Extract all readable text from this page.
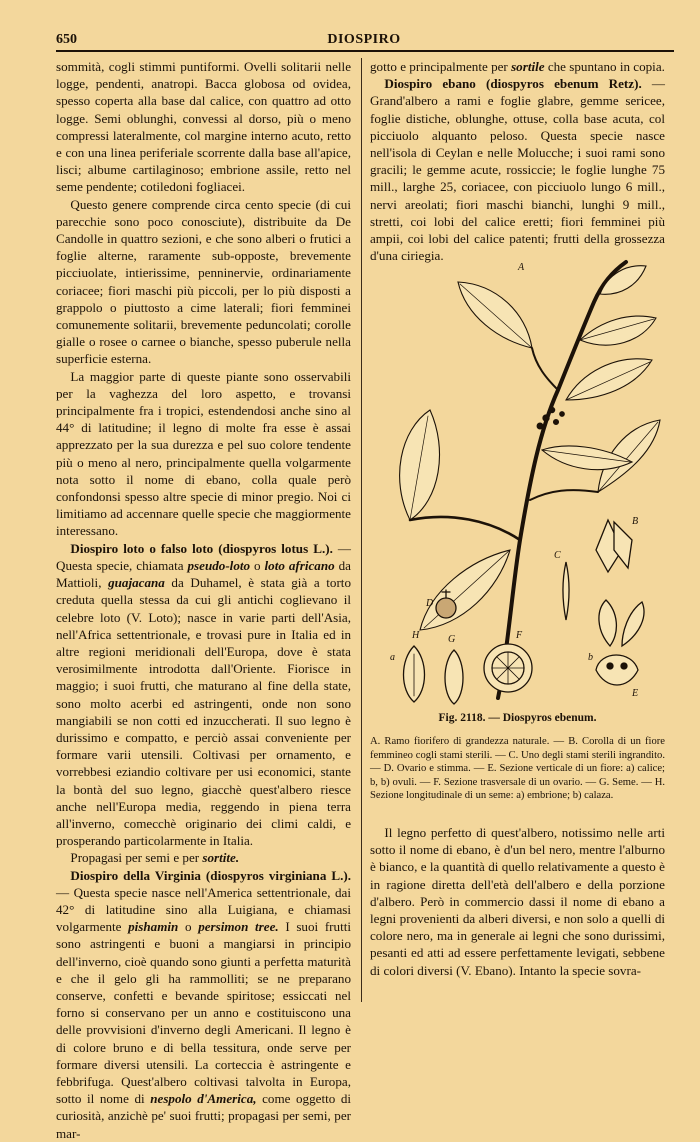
650	DIOSPIRO

sommità, cogli stimmi puntiformi. Ovelli solitarii nelle logge, pendenti, anatropi. Bacca globosa od ovidea, spesso coperta alla base dal calice, con quattro ad otto logge. Semi oblunghi, convessi al dorso, più o meno compressi lateralmente, col margine interno acuto, retto e con una linea periferiale scorrente dalla base all'apice, lisci; albume cartilaginoso; embrione assile, retto nel seme pendente; cotiledoni fogliacei.

Questo genere comprende circa cento specie (di cui parecchie sono poco conosciute), distribuite da De Candolle in quattro sezioni, e che sono alberi o frutici a foglie alterne, raramente sub-opposte, brevemente picciuolate, intierissime, penninervie, ordinariamente coriacee; fiori maschi più piccoli, per lo più disposti a grappolo o piuttosto a cime laterali; fiori femminei comunemente solitarii, brevemente peduncolati; corolle gialle o rosee o carnee o bianche, spesso puberule nella superficie esterna.

La maggior parte di queste piante sono osservabili per la vaghezza del loro aspetto, e trovansi principalmente fra i tropici, estendendosi anche sino al 44° di latitudine; il legno di molte fra esse è assai apprezzato per la sua durezza e pel suo colore tendente più o meno al nero, principalmente quella volgarmente nota sotto il nome di ebano, colla quale però confondonsi spesso altre specie di minor pregio. Noi ci limitiamo ad accennare quelle specie che maggiormente interessano.

Diospiro loto o falso loto (diospyros lotus L.). — Questa specie, chiamata pseudo-loto o loto africano da Mattioli, guajacana da Duhamel, è stata già a torto creduta quella stessa da cui gli antichi coglievano il celebre loto (V. Loto); nasce in varie parti dell'Asia, nell'Africa settentrionale, e trovasi pure in Italia ed in altre regioni meridionali dell'Europa, dove è stata verosimilmente introdotta dall'Oriente. Fiorisce in maggio; i suoi frutti, che maturano al fine della state, sono molto acerbi ed astringenti, onde non sono mangiabili se non cotti ed inzuccherati. Il suo legno è durissimo e compatto, e perciò assai conveniente per formare varii utensili. Coltivasi per ornamento, e vorrebbesi eziandio coltivare per usi economici, stante la bontà del suo legno, giacchè quest'albero riesce anche nell'Europa media, reggendo in piena terra all'inverno, comecchè originario dei climi caldi, e prosperando particolarmente in Italia.

Propagasi per semi e per sortite.

Diospiro della Virginia (diospyros virginiana L.). — Questa specie nasce nell'America settentrionale, dai 42° di latitudine sino alla Luigiana, e chiamasi volgarmente pishamin o persimon tree. I suoi frutti sono astringenti e buoni a mangiarsi in principio dell'inverno, cioè quando sono giunti a perfetta maturità e che il gelo gli ha rammolliti; se ne preparano conserve, confetti e bevande spiritose; essiccati nel forno si conservano per un anno e costituiscono una delle provvisioni d'inverno degli Americani. Il legno è di colore bruno e di bella tessitura, onde serve per formare diversi utensili. La corteccia è astringente e febbrifuga. Quest'albero coltivasi talvolta in Europa, sotto il nome di nespolo d'America, come oggetto di curiosità, anzichè pe' suoi frutti; propagasi per semi, per mar-

gotto e principalmente per sortile che spuntano in copia.

Diospiro ebano (diospyros ebenum Retz). — Grand'albero a rami e foglie glabre, gemme sericee, foglie distiche, oblunghe, ottuse, colla base acuta, col picciuolo alquanto peloso. Questa specie nasce nell'isola di Ceylan e nelle Molucche; i suoi rami sono gracili; le gemme acute, rossiccie; le foglie lunghe 75 mill., larghe 25, coriacee, con picciuolo lungo 6 mill., nervi areolati; fiori maschi bianchi, lunghi 9 mill., stretti, coi lobi del calice eretti; fiori femminei più ampii, coi lobi del calice patenti; frutti della grossezza d'una ciriegia.

A
B
C
D
E
F
G
H
a	b
Fig. 2118. — Diospyros ebenum.
A. Ramo fiorifero di grandezza naturale. — B. Corolla di un fiore femmineo cogli stami sterili. — C. Uno degli stami sterili ingrandito. — D. Ovario e stimma. — E. Sezione verticale di un fiore: a) calice; b, b) ovuli. — F. Sezione trasversale di un ovario. — G. Seme. — H. Sezione longitudinale di un seme: a) embrione; b) calaza.

Il legno perfetto di quest'albero, notissimo nelle arti sotto il nome di ebano, è d'un bel nero, mentre l'alburno è bianco, e la quantità di quello relativamente a questo è in ragione diretta dell'età dell'albero e della porzione d'albero. Però in commercio dassi il nome di ebano a legni provenienti da alberi diversi, e non solo a quelli di colore nero, ma in generale ai legni che sono durissimi, pesanti ed atti ad essere perfettamente levigati, sebbene di colori diversi (V. Ebano). Intanto la specie sovra-
